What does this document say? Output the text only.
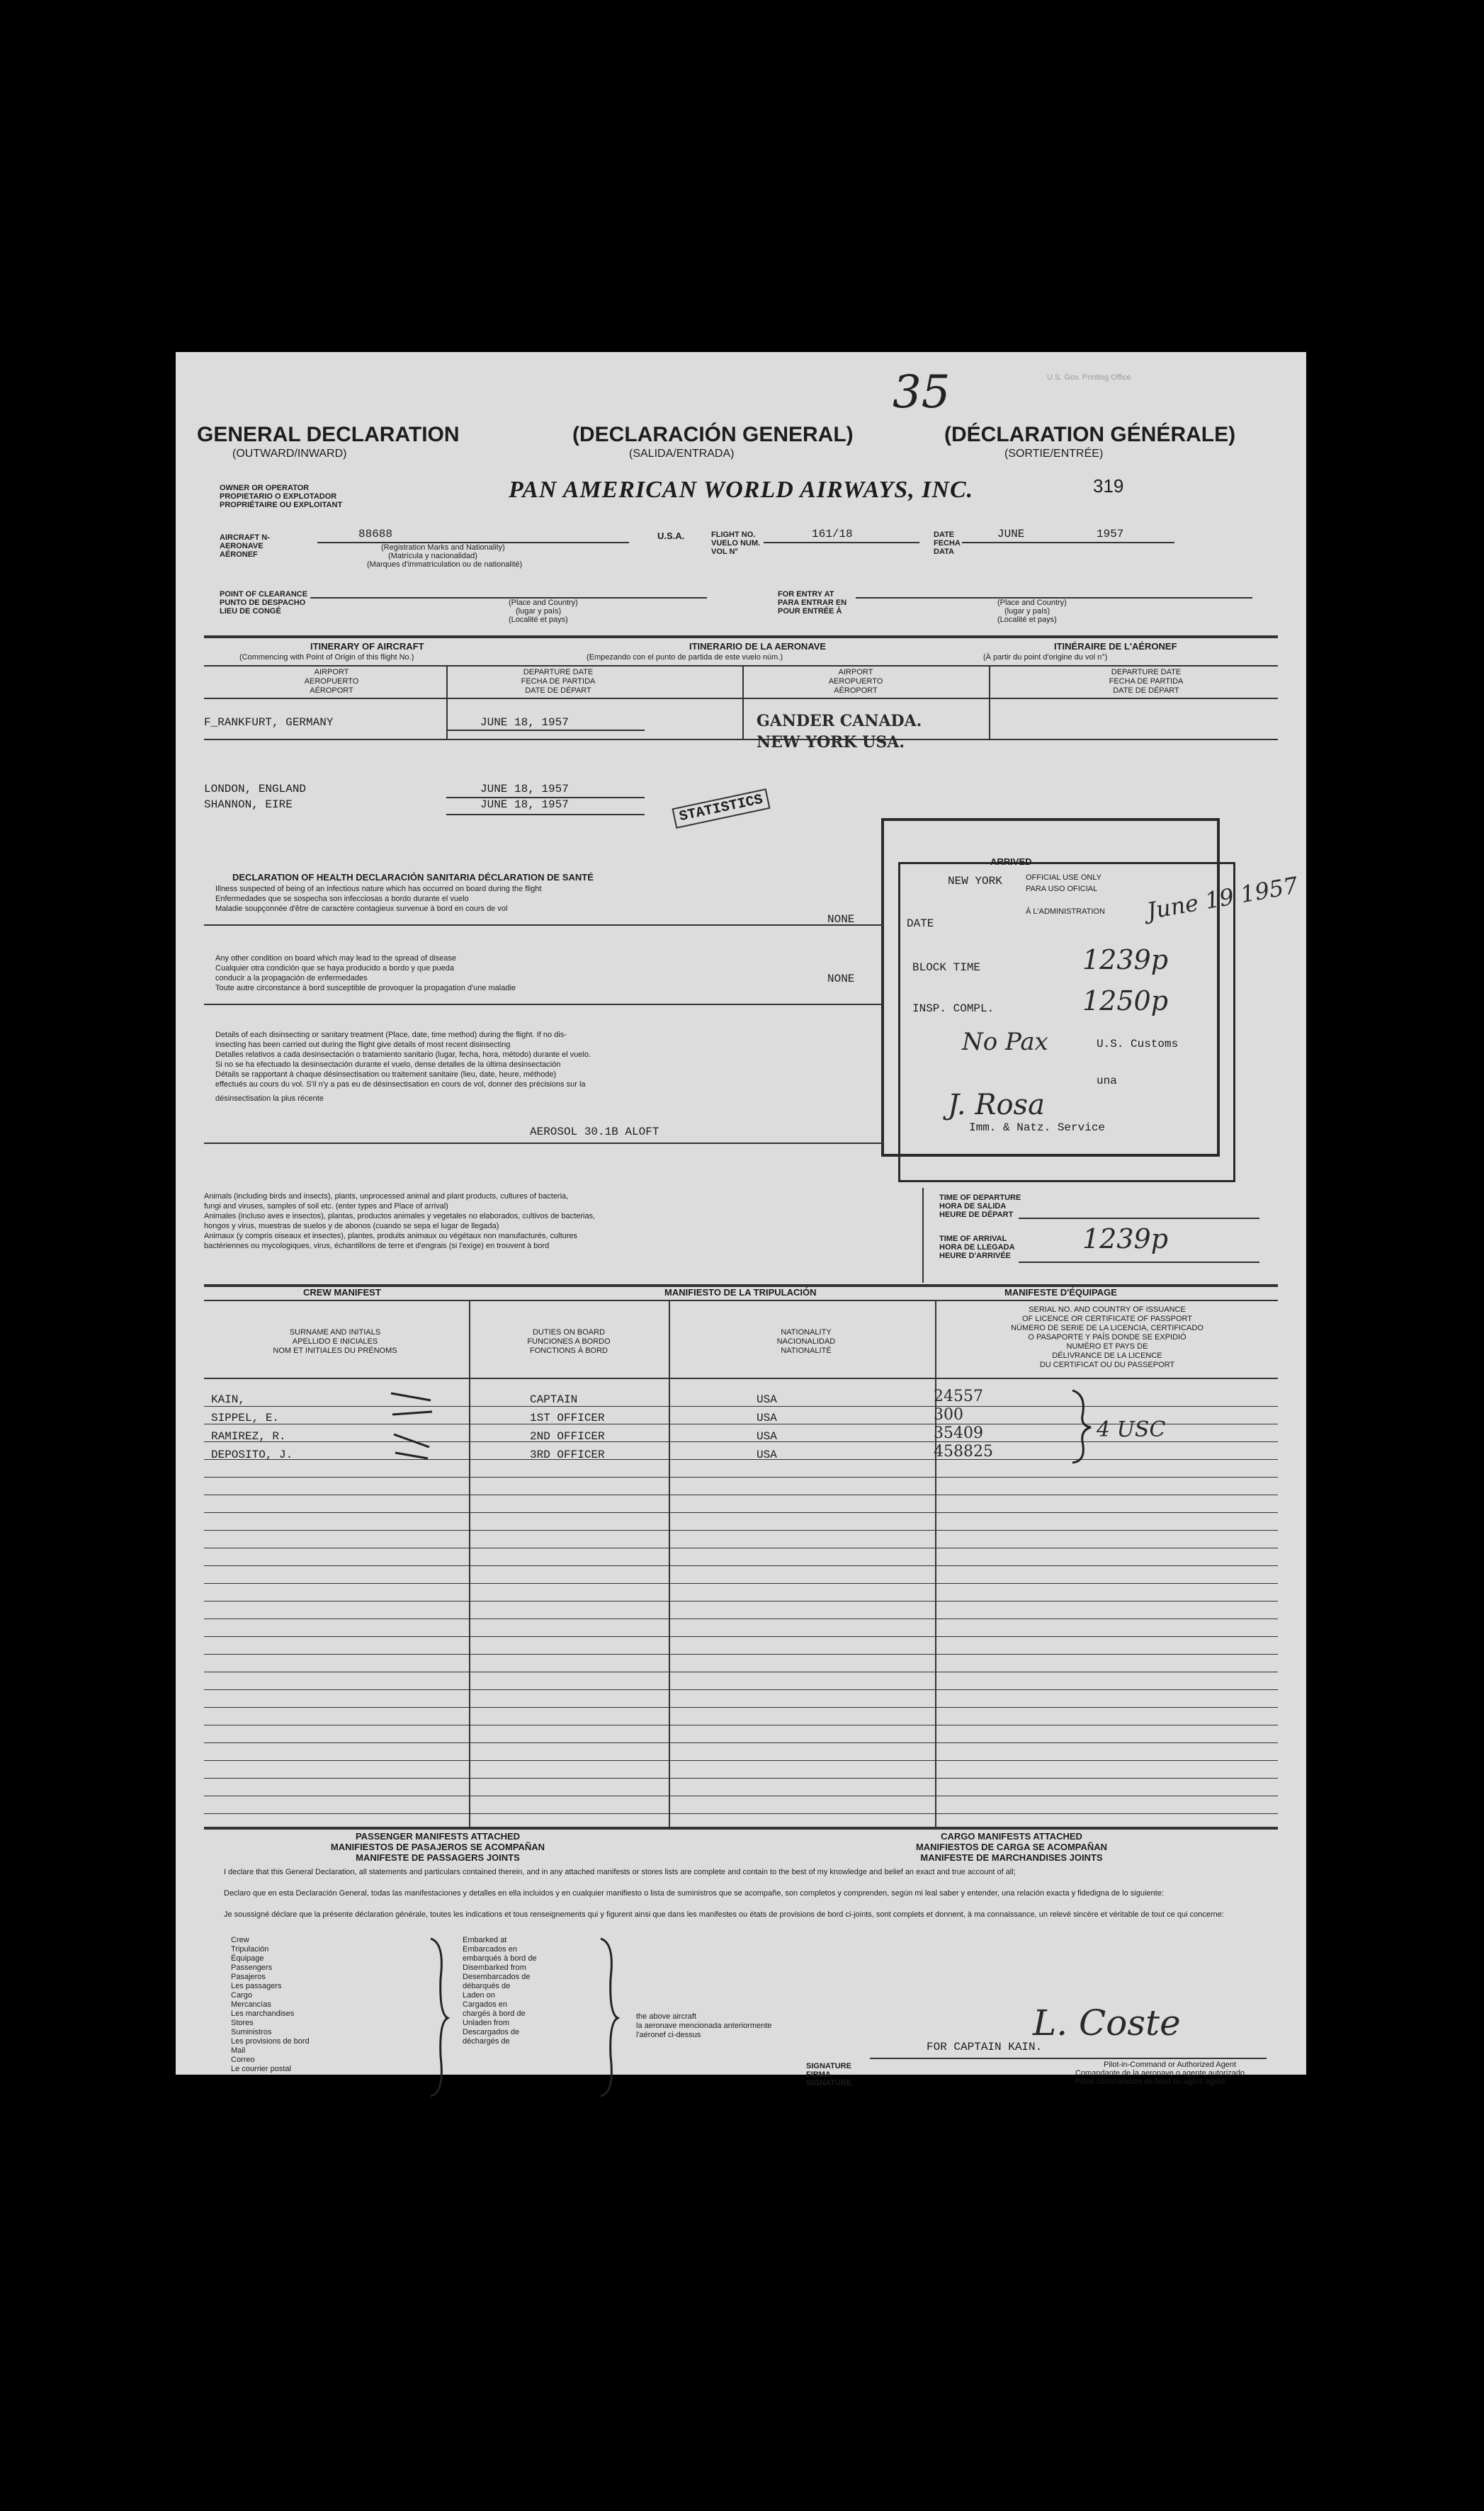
35	U.S. Gov. Printing Office
319
GENERAL DECLARATION
(OUTWARD/INWARD)
(DECLARACIÓN GENERAL)
(SALIDA/ENTRADA)
(DÉCLARATION GÉNÉRALE)
(SORTIE/ENTRÉE)
OWNER OR OPERATOR
PROPIETARIO O EXPLOTADOR
PROPRIÉTAIRE OU EXPLOITANT
PAN AMERICAN WORLD AIRWAYS, INC.
AIRCRAFT N-
AERONAVE
AÉRONEF
88688
(Registration Marks and Nationality)
(Matrícula y nacionalidad)
(Marques d'immatriculation ou de nationalité)
U.S.A.	FLIGHT NO.
VUELO NUM.
VOL N°
161/18	DATE
FECHA
DATA
JUNE	1957
POINT OF CLEARANCE
PUNTO DE DESPACHO
LIEU DE CONGÉ
(Place and Country)
(lugar y país)
(Localité et pays)
FOR ENTRY AT
PARA ENTRAR EN
POUR ENTRÉE À
(Place and Country)
(lugar y país)
(Localité et pays)
ITINERARY OF AIRCRAFT
(Commencing with Point of Origin of this flight No.)
ITINERARIO DE LA AERONAVE
(Empezando con el punto de partida de este vuelo núm.)
ITINÉRAIRE DE L'AÉRONEF
(À partir du point d'origine du vol n°)
AIRPORT
AEROPUERTO
AÉROPORT
DEPARTURE DATE
FECHA DE PARTIDA
DATE DE DÉPART
AIRPORT
AEROPUERTO
AÉROPORT
DEPARTURE DATE
FECHA DE PARTIDA
DATE DE DÉPART
F_RANKFURT, GERMANY	JUNE 18, 1957
LONDON, ENGLAND	JUNE 18, 1957
SHANNON, EIRE	JUNE 18, 1957
GANDER CANADA.
NEW YORK USA.
STATISTICS
ARRIVED
NEW YORK	OFFICIAL USE ONLY
PARA USO OFICIAL
À L'ADMINISTRATION
DATE	June 19 1957
BLOCK TIME	1239p
INSP. COMPL.	1250p
No Pax	U.S. Customs
una
J. Rosa
Imm. & Natz. Service
DECLARATION OF HEALTH DECLARACIÓN SANITARIA DÉCLARATION DE SANTÉ
Illness suspected of being of an infectious nature which has occurred on board during the flight
Enfermedades que se sospecha son infecciosas a bordo durante el vuelo
Maladie soupçonnée d'être de caractère contagieux survenue à bord en cours de vol
NONE
Any other condition on board which may lead to the spread of disease
Cualquier otra condición que se haya producido a bordo y que pueda
conducir a la propagación de enfermedades
Toute autre circonstance à bord susceptible de provoquer la propagation d'une maladie
NONE
Details of each disinsecting or sanitary treatment (Place, date, time method) during the flight. If no dis-
insecting has been carried out during the flight give details of most recent disinsecting
Detalles relativos a cada desinsectación o tratamiento sanitario (lugar, fecha, hora, método) durante el vuelo.
Si no se ha efectuado la desinsectación durante el vuelo, dense detalles de la última desinsectación
Détails se rapportant à chaque désinsectisation ou traitement sanitaire (lieu, date, heure, méthode)
effectués au cours du vol. S'il n'y a pas eu de désinsectisation en cours de vol, donner des précisions sur la
désinsectisation la plus récente
AEROSOL 30.1B ALOFT
Animals (including birds and insects), plants, unprocessed animal and plant products, cultures of bacteria,
fungi and viruses, samples of soil etc. (enter types and Place of arrival)
Animales (incluso aves e insectos), plantas, productos animales y vegetales no elaborados, cultivos de bacterias,
hongos y virus, muestras de suelos y de abonos (cuando se sepa el lugar de llegada)
Animaux (y compris oiseaux et insectes), plantes, produits animaux ou végétaux non manufacturés, cultures
bactériennes ou mycologiques, virus, échantillons de terre et d'engrais (si l'exige) en trouvent à bord
TIME OF DEPARTURE
HORA DE SALIDA
HEURE DE DÉPART
TIME OF ARRIVAL
HORA DE LLEGADA
HEURE D'ARRIVÉE
1239p
CREW MANIFEST	MANIFIESTO DE LA TRIPULACIÓN	MANIFESTE D'ÉQUIPAGE
SURNAME AND INITIALS
APELLIDO E INICIALES
NOM ET INITIALES DU PRÉNOMS
DUTIES ON BOARD
FUNCIONES A BORDO
FONCTIONS À BORD
NATIONALITY
NACIONALIDAD
NATIONALITÉ
SERIAL NO. AND COUNTRY OF ISSUANCE
OF LICENCE OR CERTIFICATE OF PASSPORT
NÚMERO DE SERIE DE LA LICENCIA, CERTIFICADO
O PASAPORTE Y PAÍS DONDE SE EXPIDIÓ
NUMÉRO ET PAYS DE
DÉLIVRANCE DE LA LICENCE
DU CERTIFICAT OU DU PASSEPORT
KAIN,	CAPTAIN	USA	24557
SIPPEL, E.	1ST OFFICER	USA	300
RAMIREZ, R.	2ND OFFICER	USA	35409
DEPOSITO, J.	3RD OFFICER	USA	458825
4 USC
PASSENGER MANIFESTS ATTACHED
MANIFIESTOS DE PASAJEROS SE ACOMPAÑAN
MANIFESTE DE PASSAGERS JOINTS
CARGO MANIFESTS ATTACHED
MANIFIESTOS DE CARGA SE ACOMPAÑAN
MANIFESTE DE MARCHANDISES JOINTS
I declare that this General Declaration, all statements and particulars contained therein, and in any attached manifests or stores lists are complete and contain to the best of my knowledge and belief an exact and true account of all;
Declaro que en esta Declaración General, todas las manifestaciones y detalles en ella incluidos y en cualquier manifiesto o lista de suministros que se acompañe, son completos y comprenden, según mi leal saber y entender, una relación exacta y fidedigna de lo siguiente:
Je soussigné déclare que la présente déclaration générale, toutes les indications et tous renseignements qui y figurent ainsi que dans les manifestes ou états de provisions de bord ci-joints, sont complets et donnent, à ma connaissance, un relevé sincère et véritable de tout ce qui concerne:
Crew
Tripulación
Équipage
Passengers
Pasajeros
Les passagers
Cargo
Mercancías
Les marchandises
Stores
Suministros
Les provisions de bord
Mail
Correo
Le courrier postal
Embarked at
Embarcados en
embarqués à bord de
Disembarked from
Desembarcados de
débarqués de
Laden on
Cargados en
chargés à bord de
Unladen from
Descargados de
déchargés de
the above aircraft
la aeronave mencionada anteriormente
l'aéronef ci-dessus	L. Coste
FOR CAPTAIN KAIN.
SIGNATURE
FIRMA
SIGNATURE
Pilot-in-Command or Authorized Agent
Comandante de la aeronave o agente autorizado
Pilote commandant de bord ou agent agréé
